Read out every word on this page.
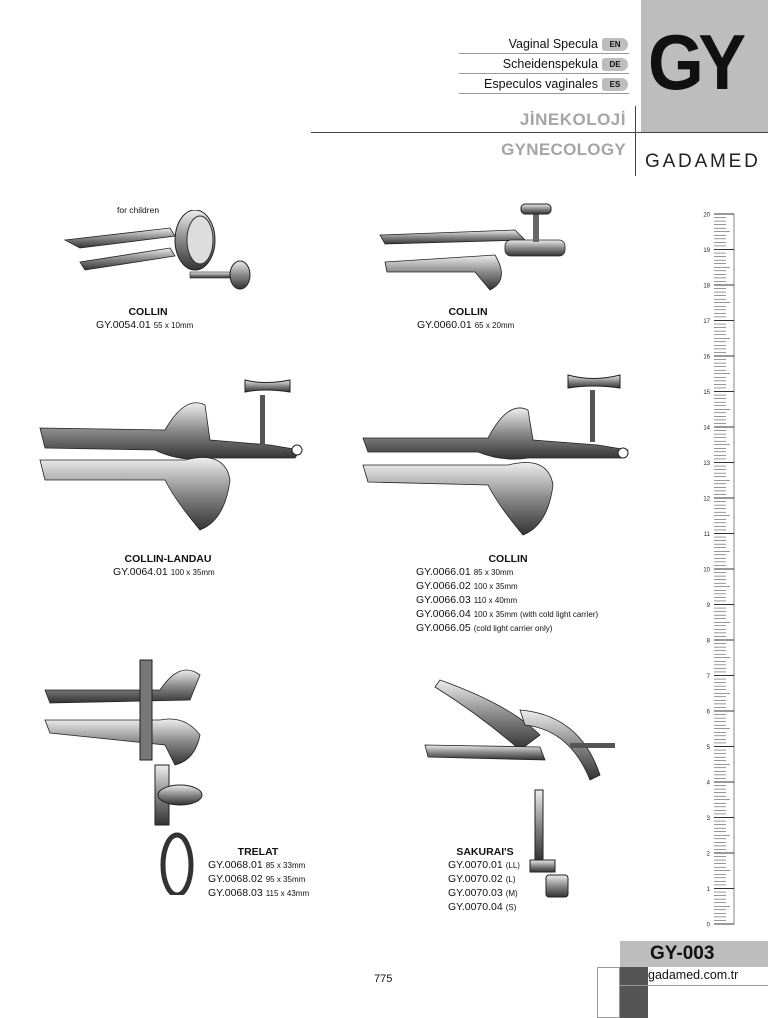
Vaginal Specula	EN
Scheidenspekula	DE
Especulos vaginales	ES GY
JİNEKOLOJİ
GYNECOLOGY
GADAMED
for children
COLLIN
GY.0054.01 55 x 10mm
COLLIN
GY.0060.01 65 x 20mm
COLLIN-LANDAU
GY.0064.01 100 x 35mm
COLLIN
GY.0066.01 85 x 30mm
GY.0066.02 100 x 35mm
GY.0066.03 110 x 40mm
GY.0066.04 100 x 35mm (with cold light carrier)
GY.0066.05 (cold light carrier only)
TRELAT
GY.0068.01 85 x 33mm
GY.0068.02 95 x 35mm
GY.0068.03 115 x 43mm
SAKURAI'S
GY.0070.01 (LL)
GY.0070.02 (L)
GY.0070.03 (M)
GY.0070.04 (S)
20
19
18
17
16
15
14
13
12
11
10
9
8
7
6
5
4
3
2
1
0
775
GY-003
gadamed.com.tr
